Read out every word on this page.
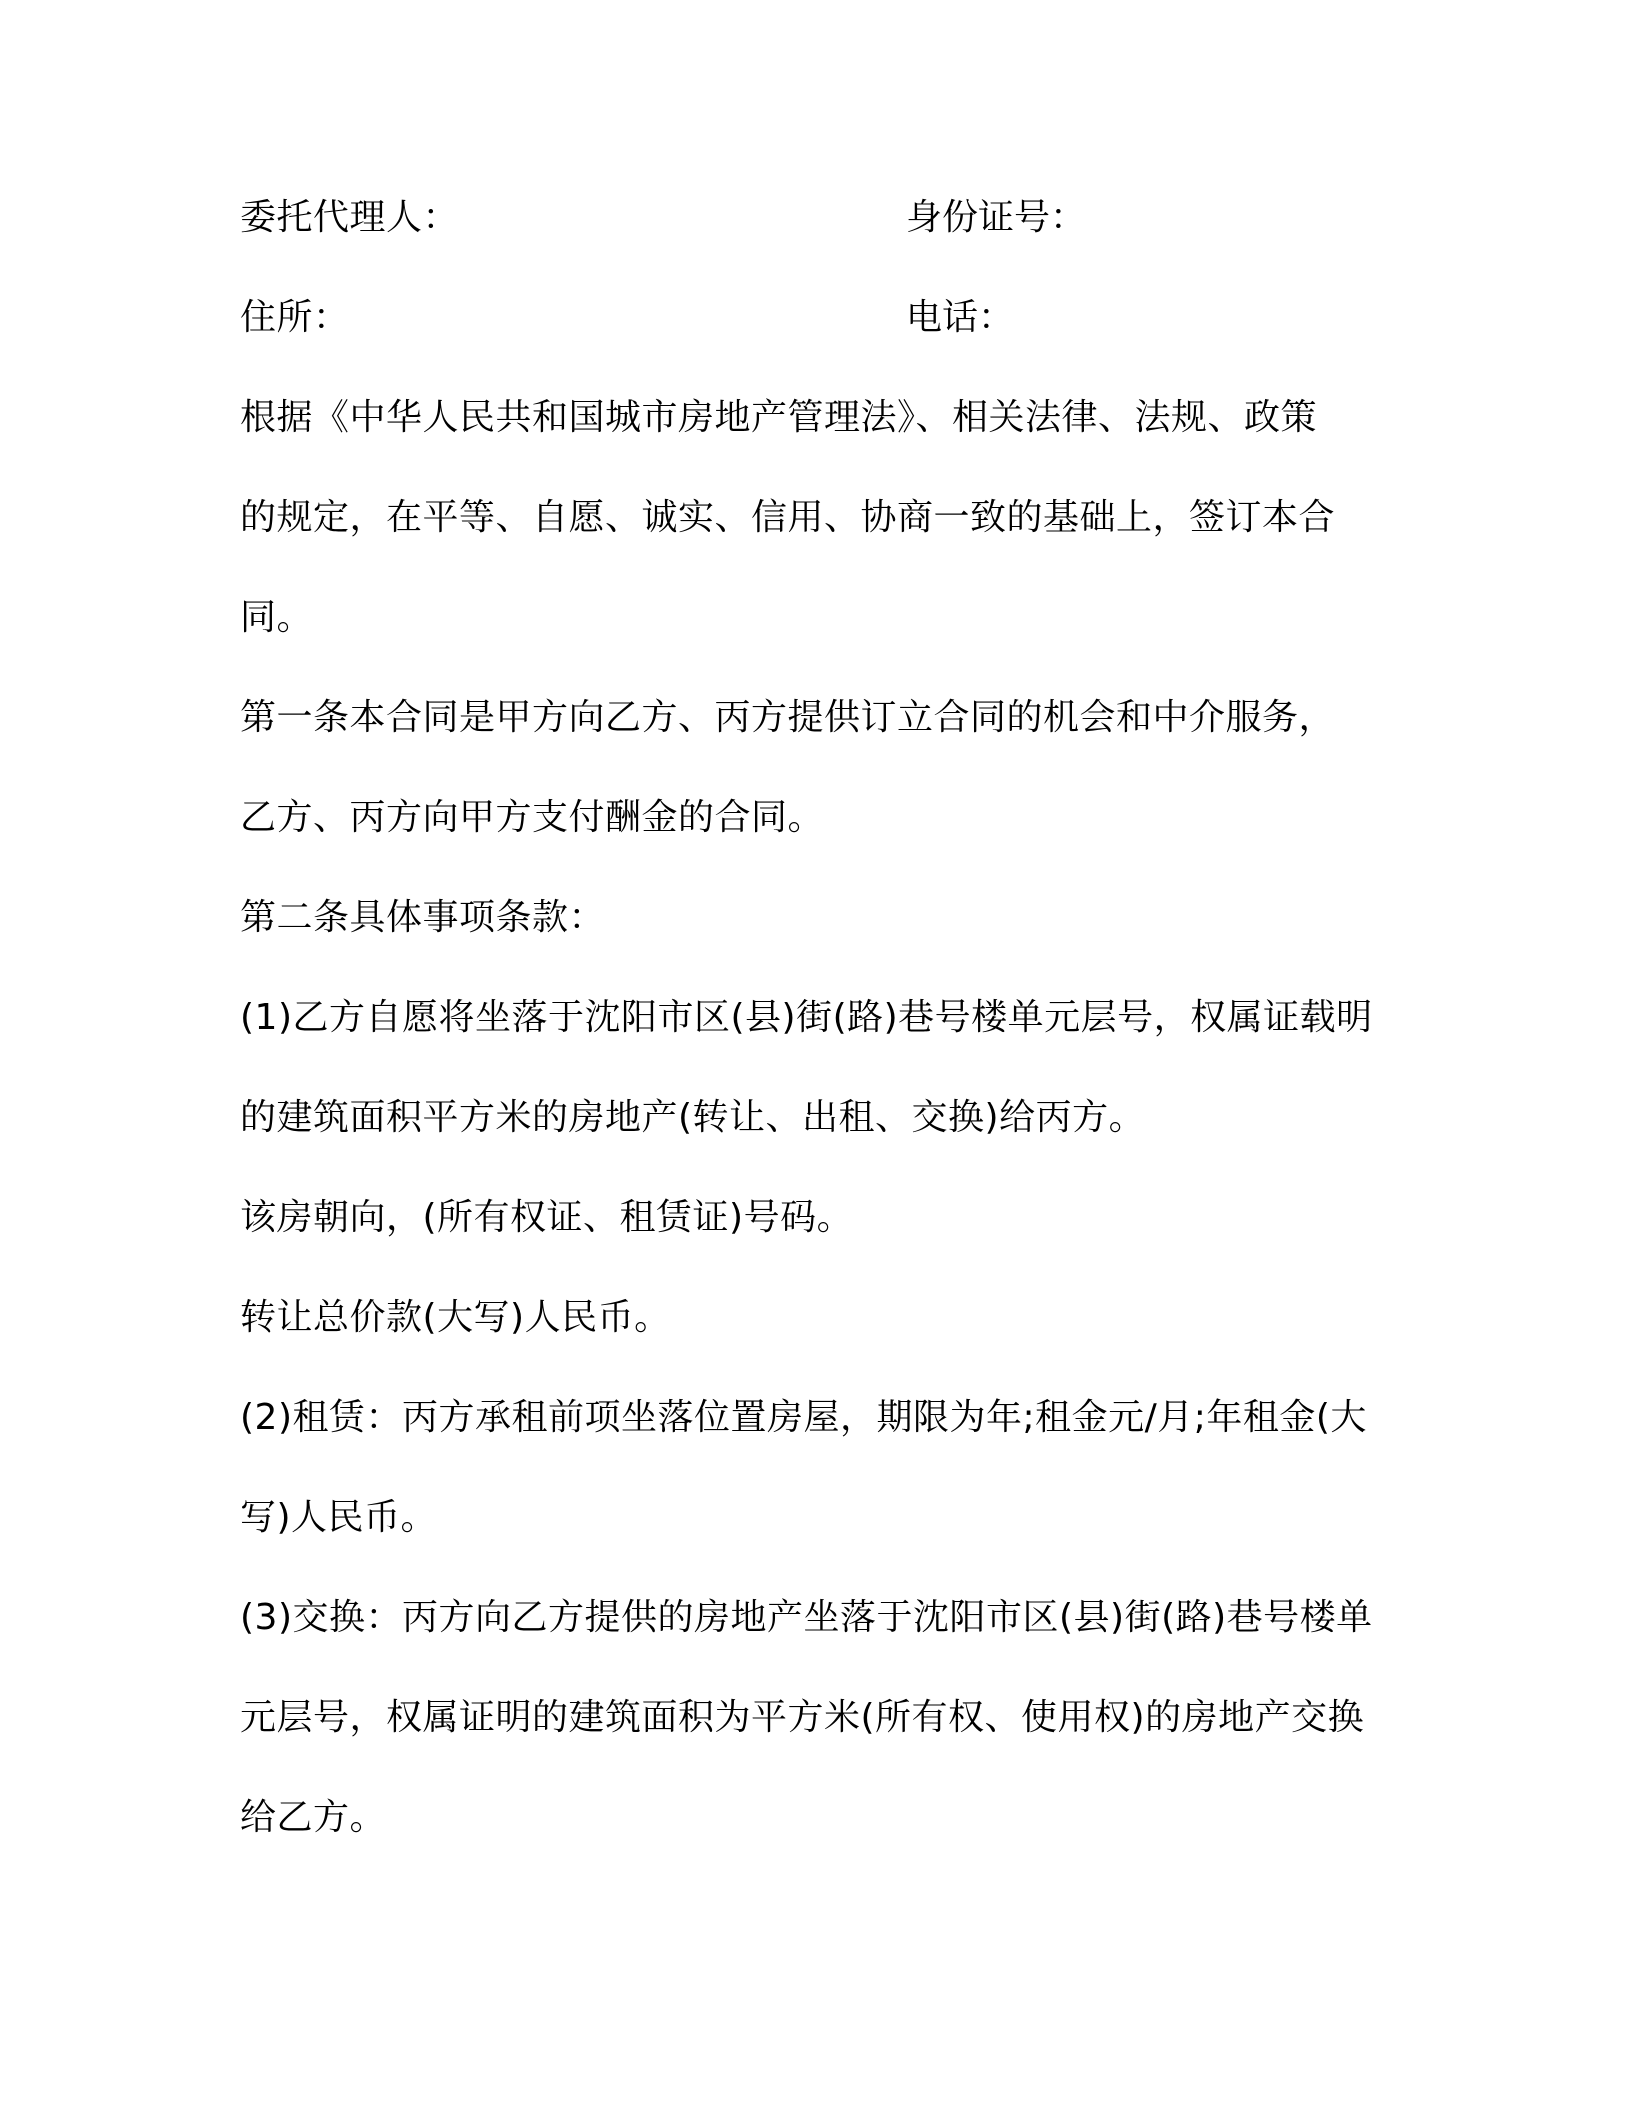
委托代理人：	身份证号：
住所：	电话：
根据《中华人民共和国城市房地产管理法》、相关法律、法规、政策
的规定，在平等、自愿、诚实、信用、协商一致的基础上，签订本合
同。
第一条本合同是甲方向乙方、丙方提供订立合同的机会和中介服务，
乙方、丙方向甲方支付酬金的合同。
第二条具体事项条款：
(1)乙方自愿将坐落于沈阳市区(县)街(路)巷号楼单元层号，权属证载明
的建筑面积平方米的房地产(转让、出租、交换)给丙方。
该房朝向，(所有权证、租赁证)号码。
转让总价款(大写)人民币。
(2)租赁：丙方承租前项坐落位置房屋，期限为年;租金元/月;年租金(大
写)人民币。
(3)交换：丙方向乙方提供的房地产坐落于沈阳市区(县)街(路)巷号楼单
元层号，权属证明的建筑面积为平方米(所有权、使用权)的房地产交换
给乙方。
